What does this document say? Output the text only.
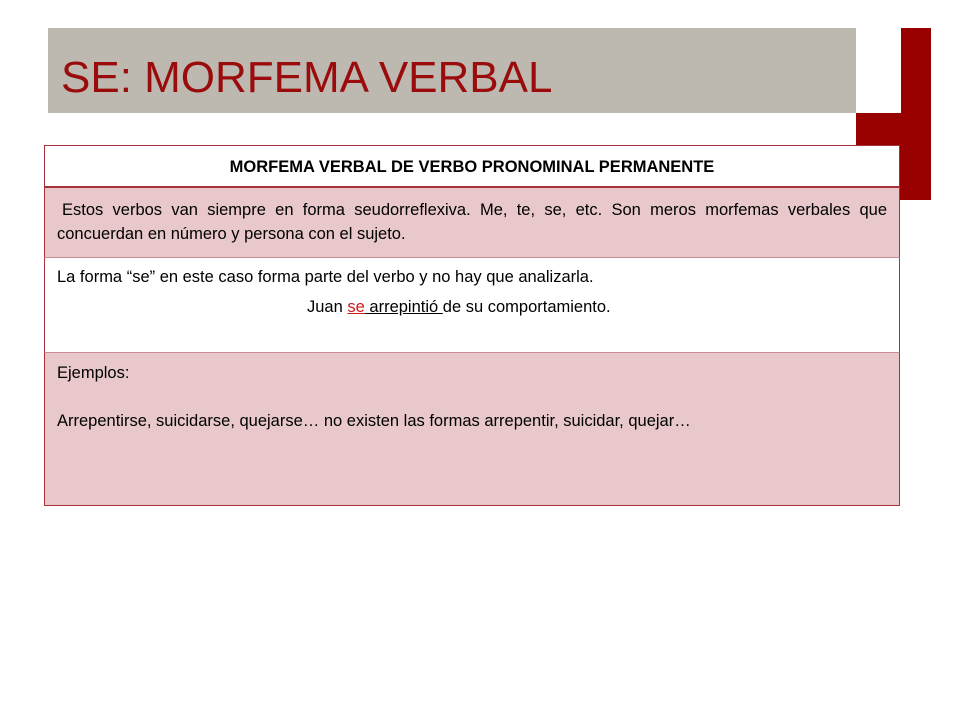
SE: MORFEMA VERBAL
MORFEMA VERBAL DE VERBO PRONOMINAL PERMANENTE
Estos verbos van siempre en forma seudorreflexiva. Me, te, se, etc. Son meros morfemas verbales que concuerdan en número y persona con el sujeto.
La forma “se” en este caso forma parte del verbo y no hay que analizarla.
Juan se arrepintió de su comportamiento.
Ejemplos:
Arrepentirse, suicidarse, quejarse… no existen las formas arrepentir, suicidar, quejar…
